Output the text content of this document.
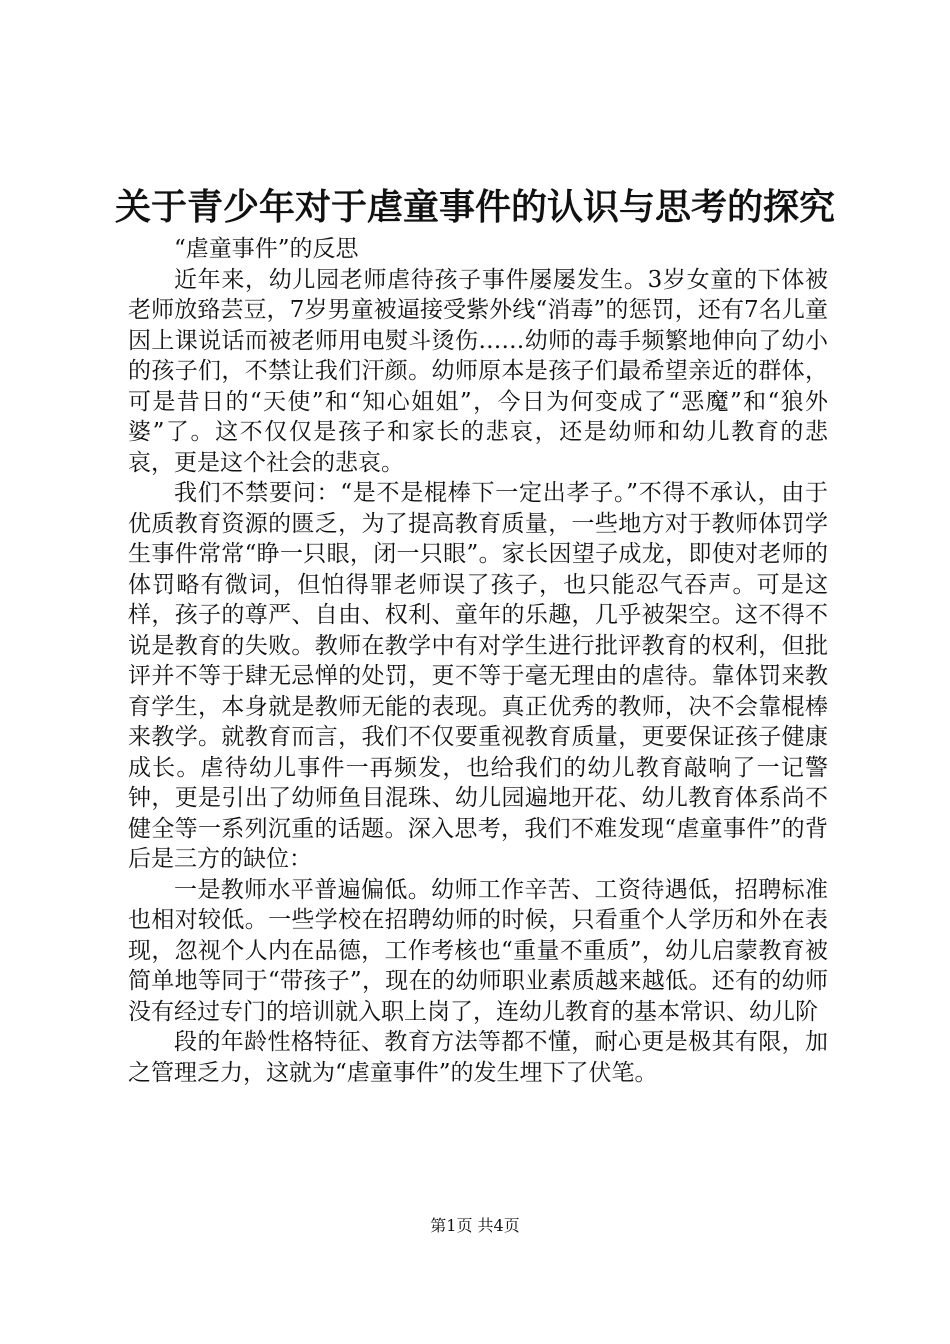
关于青少年对于虐童事件的认识与思考的探究

“虐童事件”的反思

近年来，幼儿园老师虐待孩子事件屡屡发生。3岁女童的下体被老师放臵芸豆，7岁男童被逼接受紫外线“消毒”的惩罚，还有7名儿童因上课说话而被老师用电熨斗烫伤……幼师的毒手频繁地伸向了幼小的孩子们，不禁让我们汗颜。幼师原本是孩子们最希望亲近的群体，可是昔日的“天使”和“知心姐姐”，今日为何变成了“恶魔”和“狼外婆”了。这不仅仅是孩子和家长的悲哀，还是幼师和幼儿教育的悲哀，更是这个社会的悲哀。

我们不禁要问：“是不是棍棒下一定出孝子。”不得不承认，由于优质教育资源的匮乏，为了提高教育质量，一些地方对于教师体罚学生事件常常“睁一只眼，闭一只眼”。家长因望子成龙，即使对老师的体罚略有微词，但怕得罪老师误了孩子，也只能忍气吞声。可是这样，孩子的尊严、自由、权利、童年的乐趣，几乎被架空。这不得不说是教育的失败。教师在教学中有对学生进行批评教育的权利，但批评并不等于肆无忌惮的处罚，更不等于毫无理由的虐待。靠体罚来教育学生，本身就是教师无能的表现。真正优秀的教师，决不会靠棍棒来教学。就教育而言，我们不仅要重视教育质量，更要保证孩子健康成长。虐待幼儿事件一再频发，也给我们的幼儿教育敲响了一记警钟，更是引出了幼师鱼目混珠、幼儿园遍地开花、幼儿教育体系尚不健全等一系列沉重的话题。深入思考，我们不难发现“虐童事件”的背后是三方的缺位：

一是教师水平普遍偏低。幼师工作辛苦、工资待遇低，招聘标准也相对较低。一些学校在招聘幼师的时候，只看重个人学历和外在表现，忽视个人内在品德，工作考核也“重量不重质”，幼儿启蒙教育被简单地等同于“带孩子”，现在的幼师职业素质越来越低。还有的幼师没有经过专门的培训就入职上岗了，连幼儿教育的基本常识、幼儿阶

段的年龄性格特征、教育方法等都不懂，耐心更是极其有限，加之管理乏力，这就为“虐童事件”的发生埋下了伏笔。

第1页 共4页
